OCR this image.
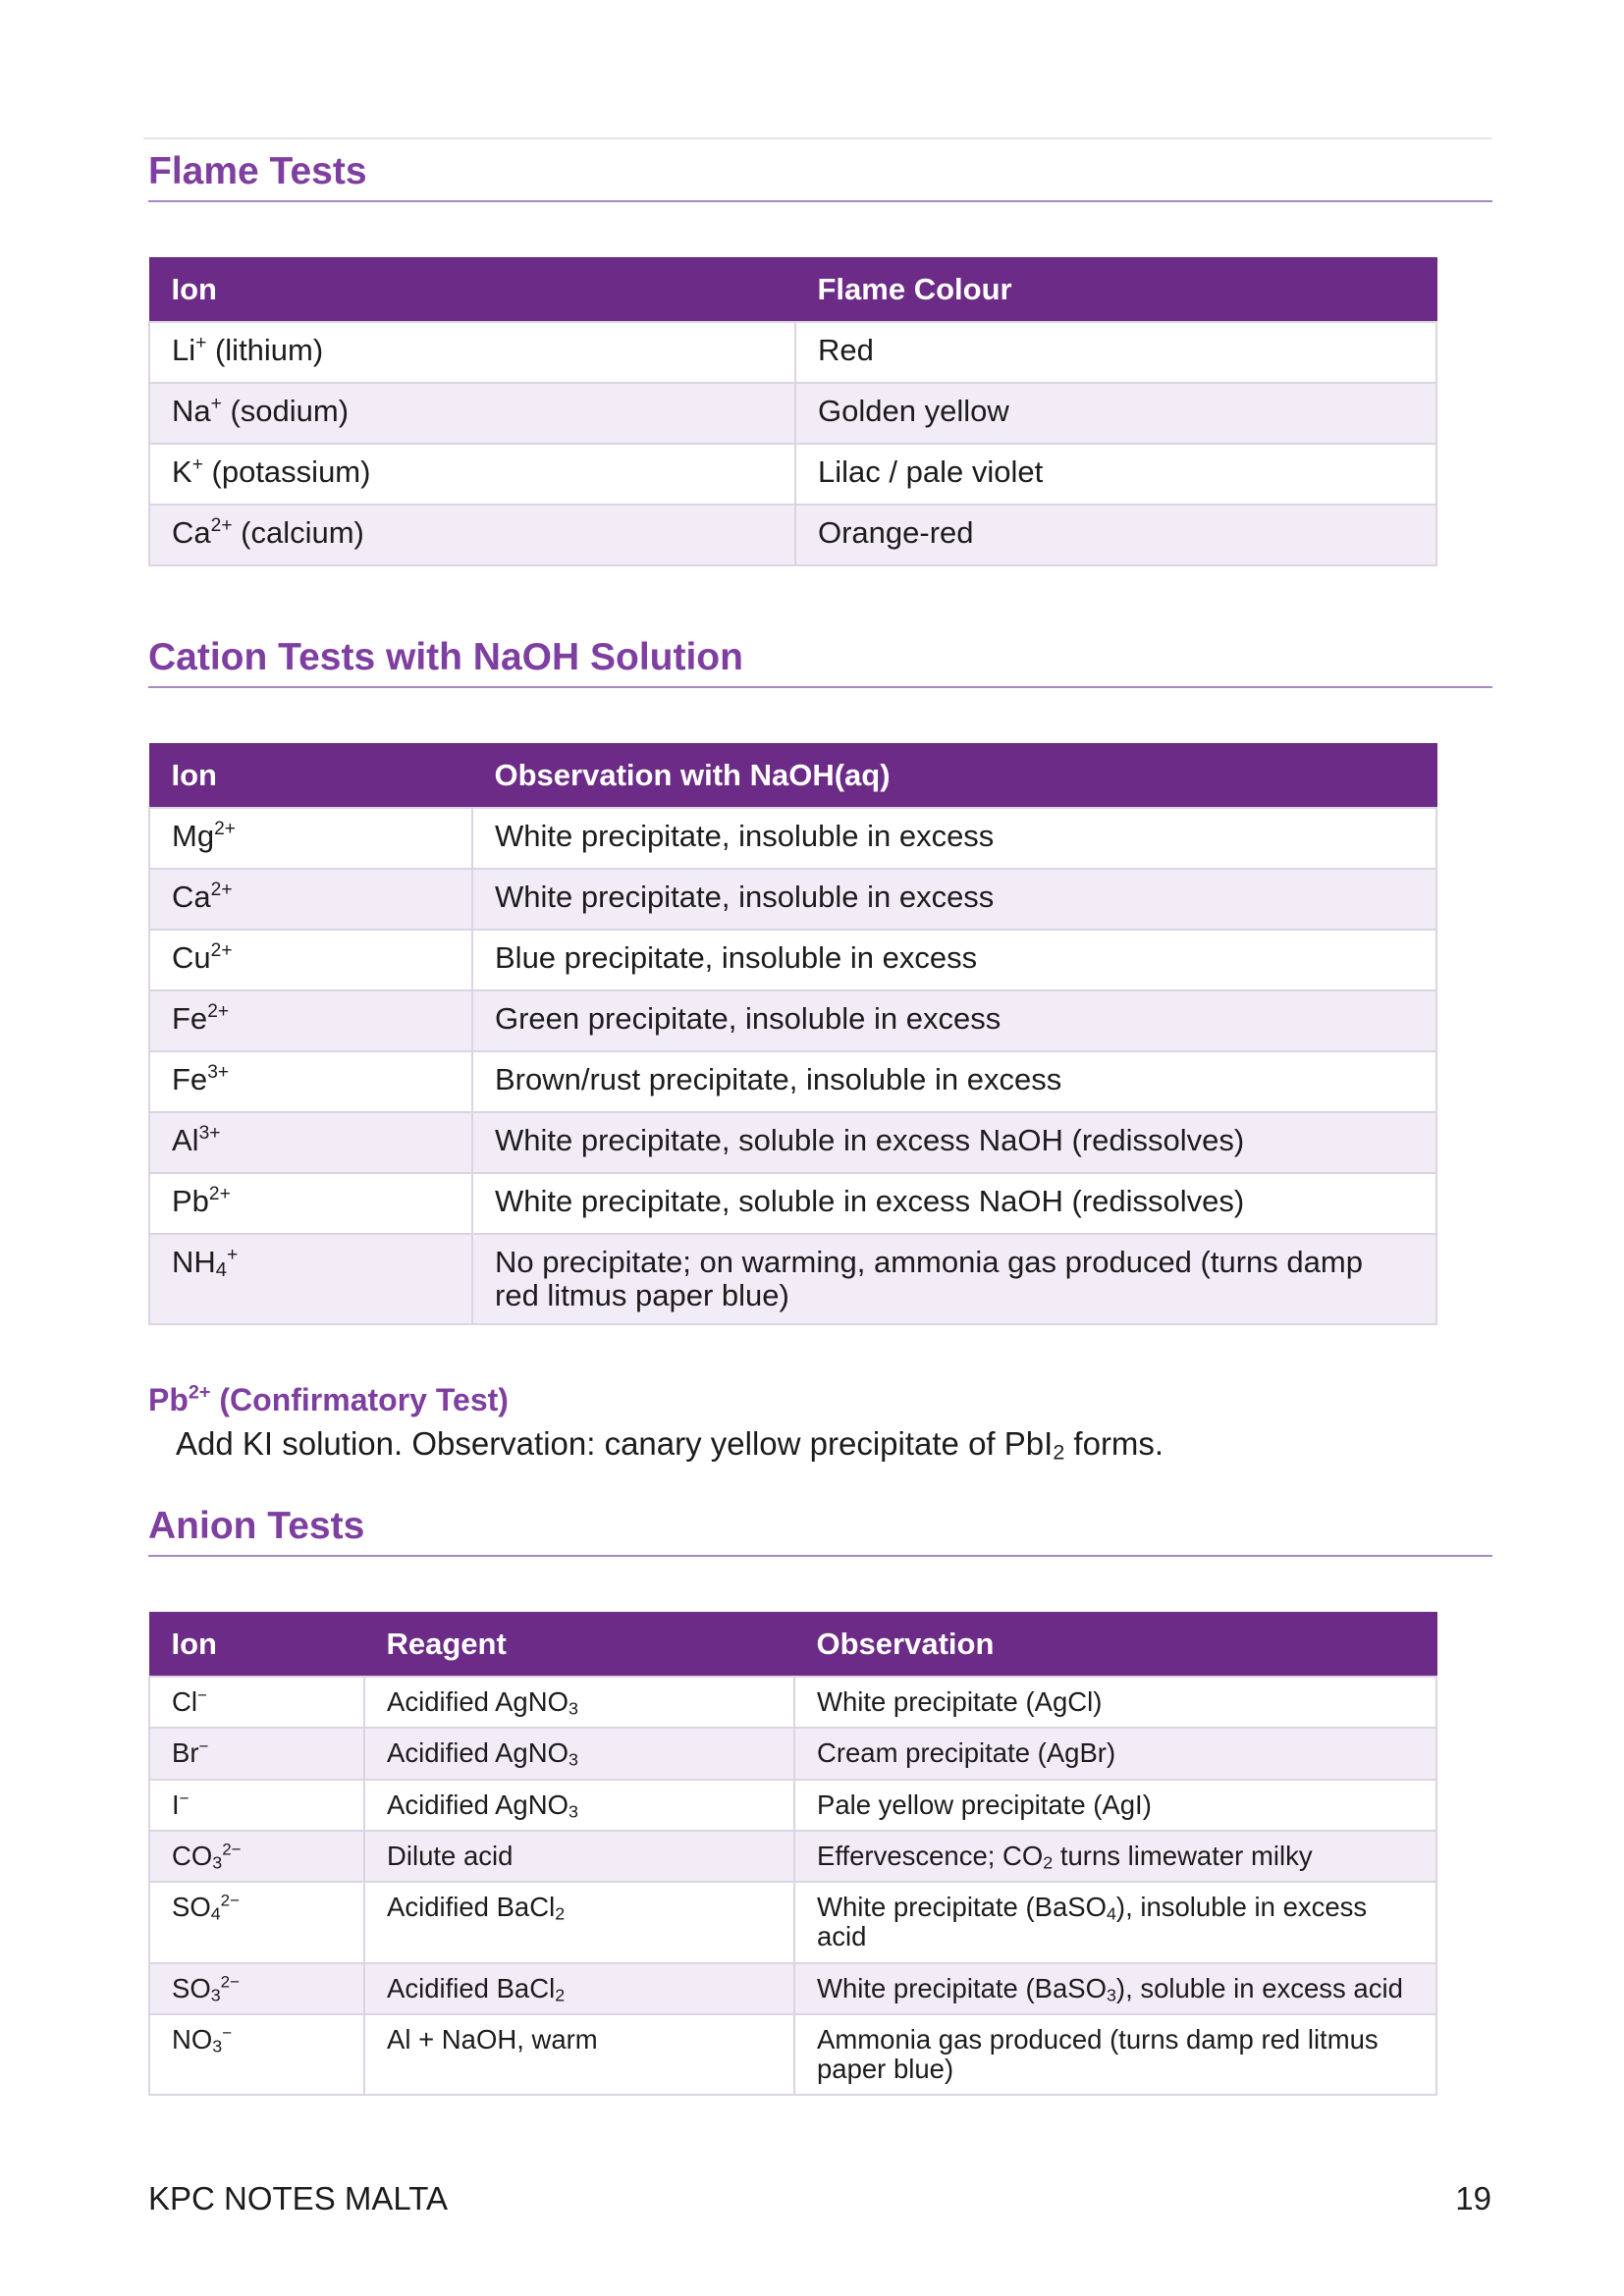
Flame Tests
Ion	Flame Colour
Li+ (lithium)	Red
Na+ (sodium)	Golden yellow
K+ (potassium)	Lilac / pale violet
$Ca^{2+}$ (calcium)	Orange-red
Cation Tests with NaOH Solution
Ion	Observation with NaOH(aq)
$Mg^{2+}$	White precipitate, insoluble in excess
$Ca^{2+}$	White precipitate, insoluble in excess
$Cu^{2+}$	Blue precipitate, insoluble in excess
$Fe^{2+}$	Green precipitate, insoluble in excess
$Fe^{3+}$	Brown/rust precipitate, insoluble in excess
$Al^{3+}$	White precipitate, soluble in excess NaOH (redissolves)
$Pb^{2+}$	White precipitate, soluble in excess NaOH (redissolves)
$NH_4^+$	No precipitate; on warming, ammonia gas produced (turns damp red litmus paper blue)
$Pb^{2+}$ (Confirmatory Test)
Add KI solution. Observation: canary yellow precipitate of PbI$_2$ forms.
Anion Tests
Ion	Reagent	Observation
Cl−	Acidified AgNO$_3$	White precipitate (AgCl)
Br−	Acidified AgNO$_3$	Cream precipitate (AgBr)
I−	Acidified AgNO$_3$	Pale yellow precipitate (AgI)
$CO_3^{2-}$	Dilute acid	Effervescence; $CO_2$ turns limewater milky
$SO_4^{2-}$	Acidified BaCl$_2$	White precipitate (BaSO$_4$), insoluble in excess acid
$SO_3^{2-}$	Acidified BaCl$_2$	White precipitate (BaSO$_3$), soluble in excess acid
$NO_3^-$	Al + NaOH, warm	Ammonia gas produced (turns damp red litmus paper blue)
KPC NOTES MALTA	19
